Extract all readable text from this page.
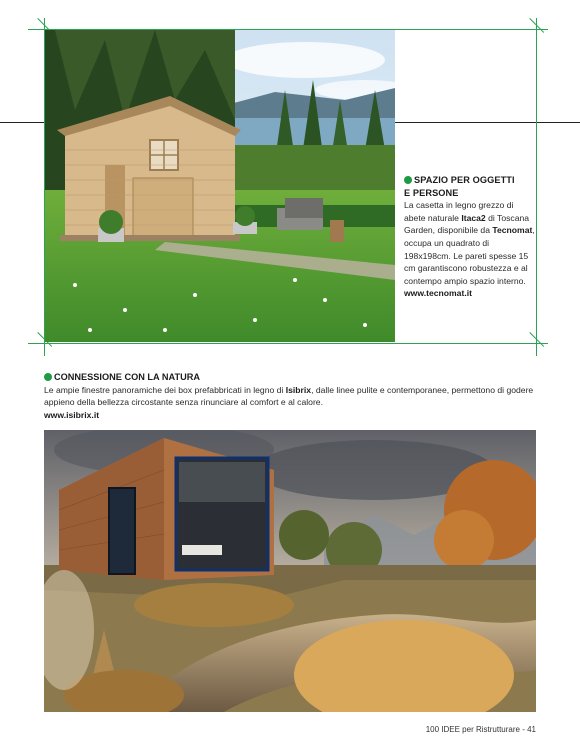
SPAZIO PER OGGETTI
E PERSONE
La casetta in legno grezzo di abete naturale Itaca2 di Toscana Garden, disponibile da Tecnomat, occupa un quadrato di 198x198cm. Le pareti spesse 15 cm garantiscono robustezza e al contempo ampio spazio interno.
www.tecnomat.it
CONNESSIONE CON LA NATURA
Le ampie finestre panoramiche dei box prefabbricati in legno di Isibrix, dalle linee pulite e contemporanee, permettono di godere appieno della bellezza circostante senza rinunciare al comfort e al calore.
www.isibrix.it
100 IDEE per Ristrutturare - 41
